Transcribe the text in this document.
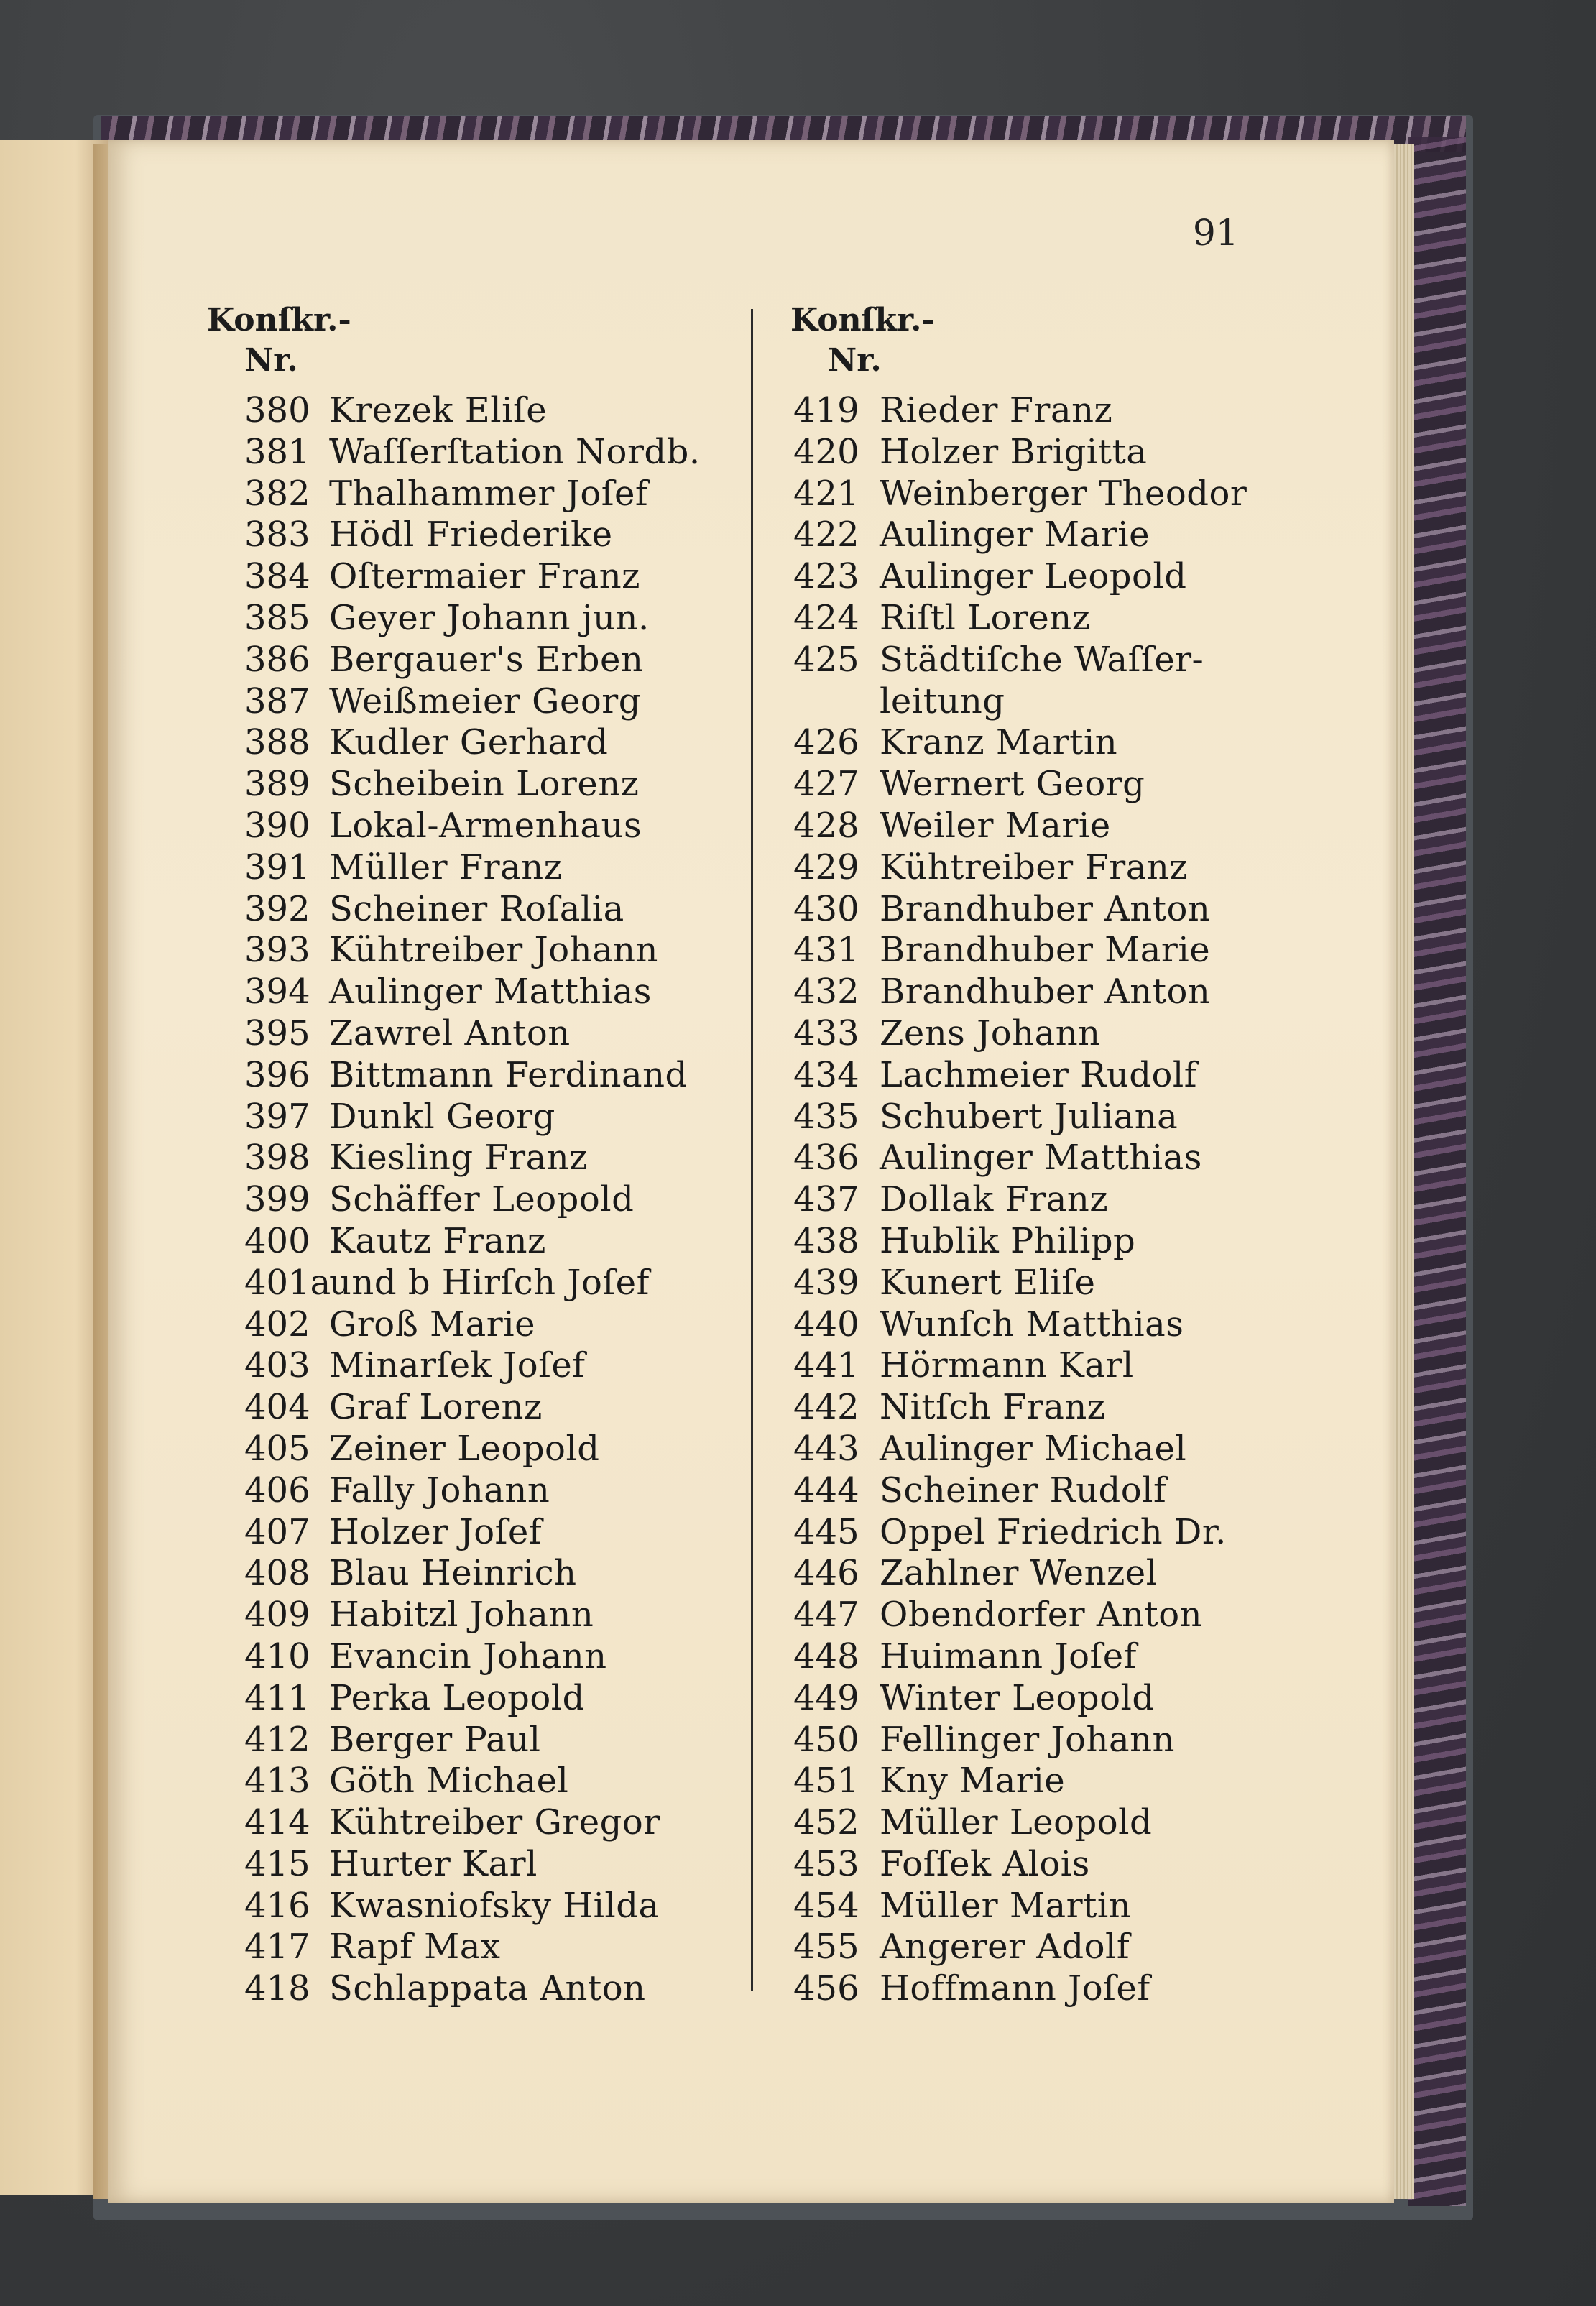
91
Konſkr.-
Nr.
Konſkr.-
Nr.
380 Krezek Eliſe
381 Waſſerſtation Nordb.
382 Thalhammer Joſef
383 Hödl Friederike
384 Oſtermaier Franz
385 Geyer Johann jun.
386 Bergauer's Erben
387 Weißmeier Georg
388 Kudler Gerhard
389 Scheibein Lorenz
390 Lokal-Armenhaus
391 Müller Franz
392 Scheiner Roſalia
393 Kühtreiber Johann
394 Aulinger Matthias
395 Zawrel Anton
396 Bittmann Ferdinand
397 Dunkl Georg
398 Kiesling Franz
399 Schäffer Leopold
400 Kautz Franz
401aund b Hirſch Joſef
402 Groß Marie
403 Minarſek Joſef
404 Graf Lorenz
405 Zeiner Leopold
406 Fally Johann
407 Holzer Joſef
408 Blau Heinrich
409 Habitzl Johann
410 Evancin Johann
411 Perka Leopold
412 Berger Paul
413 Göth Michael
414 Kühtreiber Gregor
415 Hurter Karl
416 Kwasniofsky Hilda
417 Rapf Max
418 Schlappata Anton
419 Rieder Franz
420 Holzer Brigitta
421 Weinberger Theodor
422 Aulinger Marie
423 Aulinger Leopold
424 Riſtl Lorenz
425 Städtiſche Waſſer-
leitung
426 Kranz Martin
427 Wernert Georg
428 Weiler Marie
429 Kühtreiber Franz
430 Brandhuber Anton
431 Brandhuber Marie
432 Brandhuber Anton
433 Zens Johann
434 Lachmeier Rudolf
435 Schubert Juliana
436 Aulinger Matthias
437 Dollak Franz
438 Hublik Philipp
439 Kunert Eliſe
440 Wunſch Matthias
441 Hörmann Karl
442 Nitſch Franz
443 Aulinger Michael
444 Scheiner Rudolf
445 Oppel Friedrich Dr.
446 Zahlner Wenzel
447 Obendorfer Anton
448 Huimann Joſef
449 Winter Leopold
450 Fellinger Johann
451 Kny Marie
452 Müller Leopold
453 Foſſek Alois
454 Müller Martin
455 Angerer Adolf
456 Hoffmann Joſef
